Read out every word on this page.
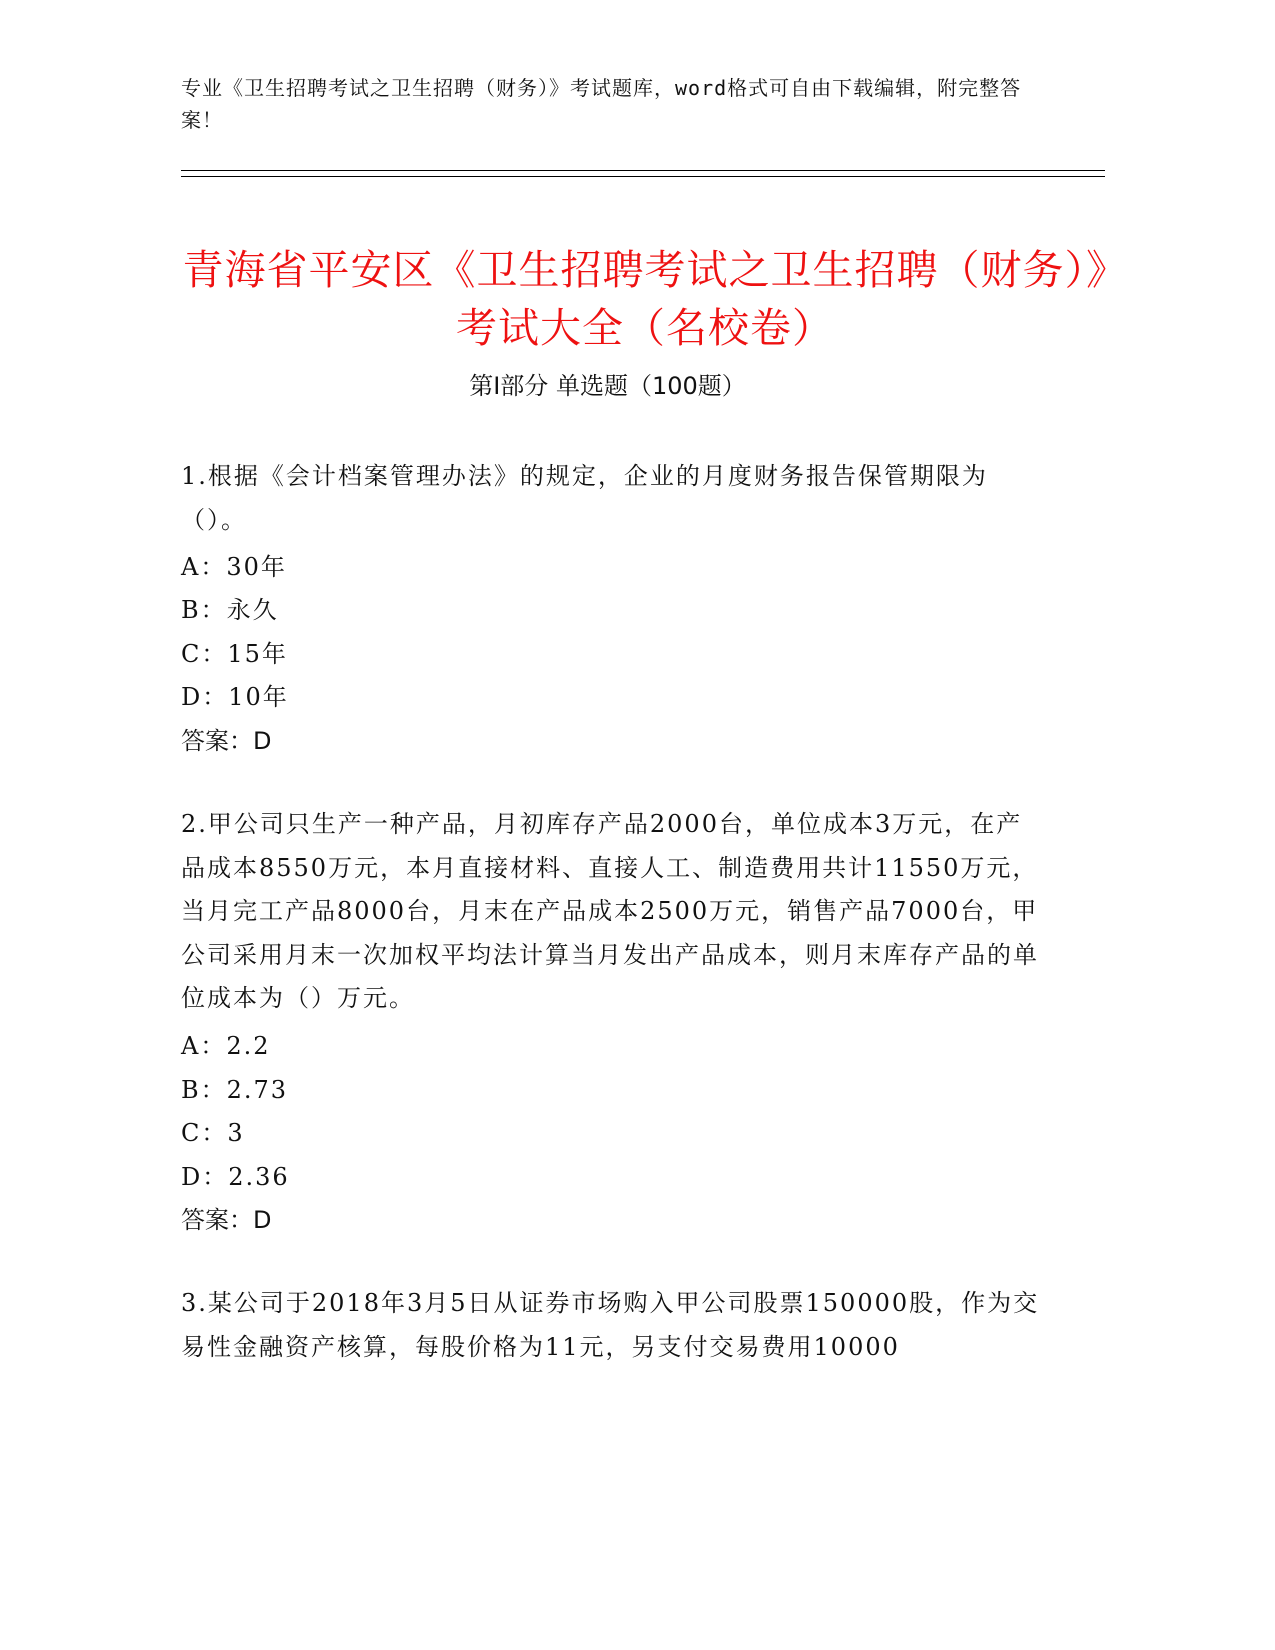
专业《卫生招聘考试之卫生招聘（财务）》考试题库，word格式可自由下载编辑，附完整答案！
青海省平安区《卫生招聘考试之卫生招聘（财务）》考试大全（名校卷）
第I部分 单选题（100题）
1.根据《会计档案管理办法》的规定，企业的月度财务报告保管期限为（）。
A：30年
B：永久
C：15年
D：10年
答案：D
2.甲公司只生产一种产品，月初库存产品2000台，单位成本3万元，在产品成本8550万元，本月直接材料、直接人工、制造费用共计11550万元，当月完工产品8000台，月末在产品成本2500万元，销售产品7000台，甲公司采用月末一次加权平均法计算当月发出产品成本，则月末库存产品的单位成本为（）万元。
A：2.2
B：2.73
C：3
D：2.36
答案：D
3.某公司于2018年3月5日从证券市场购入甲公司股票150000股，作为交易性金融资产核算，每股价格为11元，另支付交易费用10000
